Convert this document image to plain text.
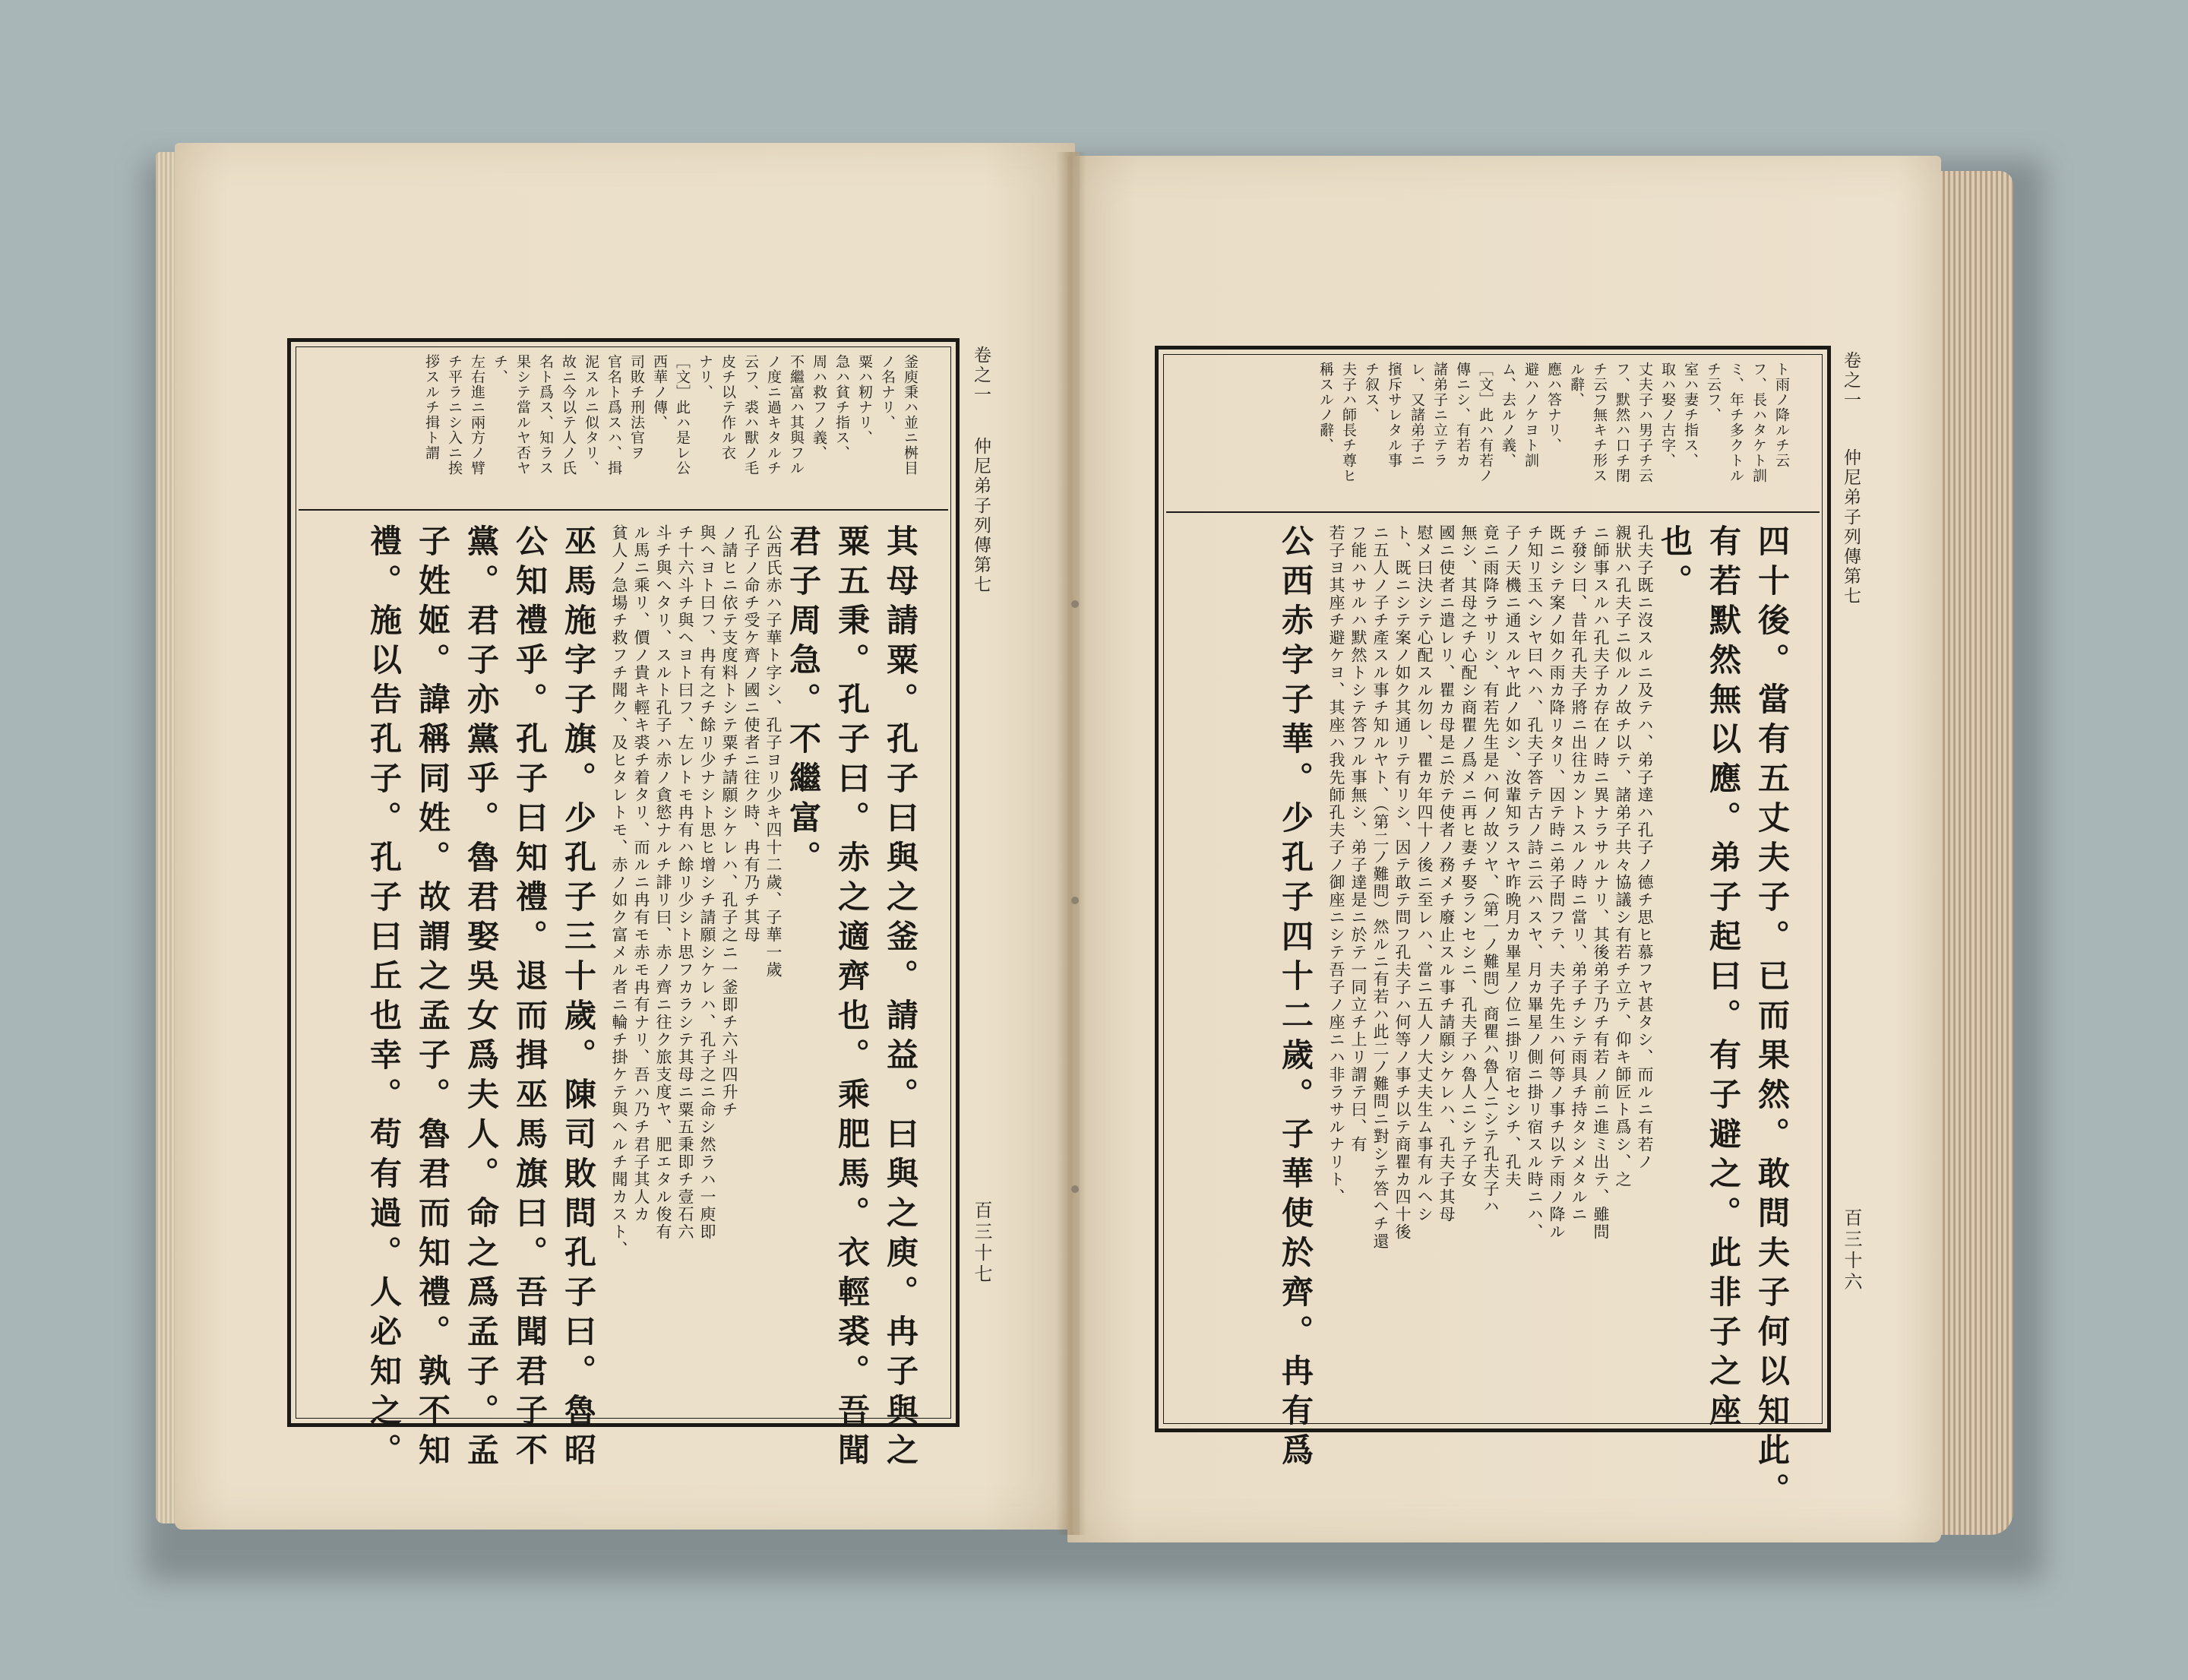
卷之一
仲尼弟子列傳第七
百三十七
卷之一
仲尼弟子列傳第七
百三十六
釜庾秉ハ並ニ桝目
ノ名ナリ、
粟ハ籾ナリ、
急ハ貧チ指ス、
周ハ救フノ義、
不繼富ハ其與フル
ノ度ニ過キタルチ
云フ、裘ハ獸ノ毛
皮チ以テ作ル衣
ナリ、
［文］此ハ是レ公
西華ノ傳、
司敗チ刑法官ヲ
官名ト爲スハ、揖
泥スルニ似タリ、
故ニ今以テ人ノ氏
名ト爲ス、知ラス
果シテ當ルヤ否ヤ
チ、
左右進ニ兩方ノ臂
チ平ラニシ入ニ挨
拶スルチ揖ト謂
其母請粟。孔子曰與之釜。請益。曰與之庾。冉子與之
粟五秉。孔子曰。赤之適齊也。乘肥馬。衣輕裘。吾聞
君子周急。不繼富。
公西氏赤ハ子華ト字シ、孔子ヨリ少キ四十二歲、子華一歲
孔子ノ命チ受ケ齊ノ國ニ使者ニ往ク時、冉有乃チ其母
ノ請ヒニ依テ支度料トシテ粟チ請願シケレハ、孔子之ニ一釜即チ六斗四升チ
與ヘヨト曰フ、冉有之チ餘リ少ナシト思ヒ增シチ請願シケレハ、孔子之ニ命シ然ラハ一庾即
チ十六斗チ與ヘヨト曰フ、左レトモ冉有ハ餘リ少シト思フカラシテ其母ニ粟五秉即チ壹石六
斗チ與ヘタリ、スルト孔子ハ赤ノ貪慾ナルチ誹リ曰、赤ノ齊ニ往ク旅支度ヤ、肥エタル俊有
ル馬ニ乘リ、價ノ貴キ輕キ裘チ着タリ、而ルニ冉有モ赤モ冉有ナリ、吾ハ乃チ君子其人カ
貧人ノ急場チ救フチ聞ク、及ヒタレトモ、赤ノ如ク富メル者ニ輪チ掛ケテ與ヘルチ聞カスト、
巫馬施字子旗。少孔子三十歲。陳司敗問孔子曰。魯昭
公知禮乎。孔子曰知禮。退而揖巫馬旗曰。吾聞君子不
黨。君子亦黨乎。魯君娶吳女爲夫人。命之爲孟子。孟
子姓姬。諱稱同姓。故謂之孟子。魯君而知禮。孰不知
禮。施以告孔子。孔子曰丘也幸。苟有過。人必知之。
ト雨ノ降ルチ云
フ、長ハタケト訓
ミ、年チ多クトル
チ云フ、
室ハ妻チ指ス、
取ハ娶ノ古字、
丈夫子ハ男子チ云
フ、默然ハ口チ閉
チ云フ無キチ形ス
ル辭、
應ハ答ナリ、
避ハノケヨト訓
ム、去ルノ義、
［文］此ハ有若ノ
傳ニシ、有若カ
諸弟子ニ立テラ
レ、又諸弟子ニ
擯斥サレタル事
チ叙ス、
夫子ハ師長チ尊ヒ
稱スルノ辭、
四十後。當有五丈夫子。已而果然。敢問夫子何以知此。
有若默然無以應。弟子起曰。有子避之。此非子之座
也。
孔夫子既ニ沒スルニ及テハ、弟子達ハ孔子ノ德チ思ヒ慕フヤ甚タシ、而ルニ有若ノ
親狀ハ孔夫子ニ似ルノ故チ以テ、諸弟子共々協議シ有若チ立テ、仰キ師匠ト爲シ、之
ニ師事スルハ孔夫子カ存在ノ時ニ異ナラサルナリ、其後弟子乃チ有若ノ前ニ進ミ出テ、雖問
チ發シ曰、昔年孔夫子將ニ出往カントスルノ時ニ當リ、弟子チシテ雨具チ持タシメタルニ
既ニシテ案ノ如ク雨カ降リタリ、因テ時ニ弟子問フテ、夫子先生ハ何等ノ事チ以テ雨ノ降ル
チ知リ玉ヘシヤ曰ヘハ、孔夫子答テ古ノ詩ニ云ハスヤ、月カ畢星ノ側ニ掛リ宿スル時ニハ、
子ノ天機ニ通スルヤ此ノ如シ、汝輩知ラスヤ昨晩月カ畢星ノ位ニ掛リ宿セシチ、孔夫
竟ニ雨降ラサリシ、有若先生是ハ何ノ故ソヤ、（第一ノ難問）商瞿ハ魯人ニシテ孔夫子ハ
無シ、其母之チ心配シ商瞿ノ爲メニ再ヒ妻チ娶ランセシニ、孔夫子ハ魯人ニシテ子女
國ニ使者ニ遣レリ、瞿カ母是ニ於テ使者ノ務メチ廢止スル事チ請願シケレハ、孔夫子其母
慰メ曰決シテ心配スル勿レ、瞿カ年四十ノ後ニ至レハ、當ニ五人ノ大丈夫生ム事有ルヘシ
ト、既ニシテ案ノ如ク其通リテ有リシ、因テ敢テ問フ孔夫子ハ何等ノ事チ以テ商瞿カ四十後
ニ五人ノ子チ產スル事チ知ルヤト、（第二ノ難問）然ルニ有若ハ此二ノ難問ニ對シテ答ヘチ還
フ能ハサルハ默然トシテ答フル事無シ、弟子達是ニ於テ一同立チ上リ謂テ曰、有
若子ヨ其座チ避ケヨ、其座ハ我先師孔夫子ノ御座ニシテ吾子ノ座ニハ非ラサルナリト、
公西赤字子華。少孔子四十二歲。子華使於齊。冉有爲
